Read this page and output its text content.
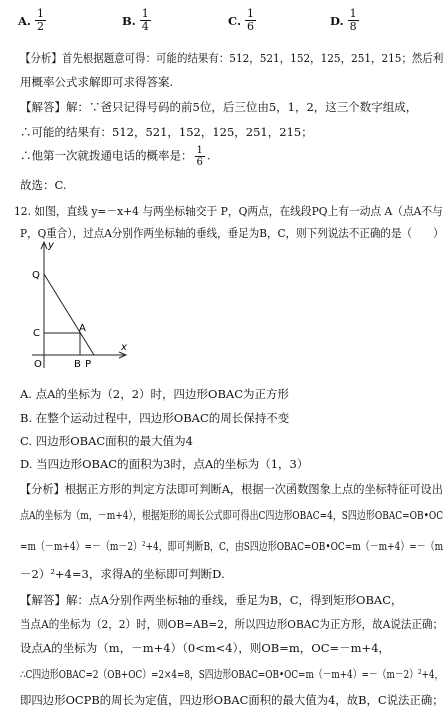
A. $\frac{1}{2}$	B. $\frac{1}{4}$	C. $\frac{1}{6}$	D. $\frac{1}{8}$
【分析】首先根据题意可得：可能的结果有：512，521，152，125，251，215；然后利
用概率公式求解即可求得答案.
【解答】解：∵爸只记得号码的前5位，后三位由5，1，2，这三个数字组成，
∴可能的结果有：512，521，152，125，251，215；
∴他第一次就拨通电话的概率是： $\frac{1}{6}$ .
故选：C.
12. 如图，直线 y=－x+4 与两坐标轴交于 P，Q两点，在线段PQ上有一动点 A（点A不与
P，Q重合），过点A分别作两坐标轴的垂线，垂足为B，C，则下列说法不正确的是（　　）
y
Q
C	A
O	B P
x
A. 点A的坐标为（2，2）时，四边形OBAC为正方形
B. 在整个运动过程中，四边形OBAC的周长保持不变
C. 四边形OBAC面积的最大值为4
D. 当四边形OBAC的面积为3时，点A的坐标为（1，3）
【分析】根据正方形的判定方法即可判断A，根据一次函数图象上点的坐标特征可设出
点A的坐标为（m，－m+4），根据矩形的周长公式即可得出C四边形OBAC=4，S四边形OBAC=OB•OC
=m（－m+4）=－（m－2）²+4，即可判断B，C，由S四边形OBAC=OB•OC=m（－m+4）=－（m
－2）²+4=3，求得A的坐标即可判断D.
【解答】解：点A分别作两坐标轴的垂线，垂足为B，C，得到矩形OBAC，
当点A的坐标为（2，2）时，则OB=AB=2，所以四边形OBAC为正方形，故A说法正确；
设点A的坐标为（m，－m+4）（0<m<4），则OB=m，OC=－m+4，
∴C四边形OBAC=2（OB+OC）=2×4=8，S四边形OBAC=OB•OC=m（－m+4）=－（m－2）²+4，
即四边形OCPB的周长为定值，四边形OBAC面积的最大值为4，故B，C说法正确；
